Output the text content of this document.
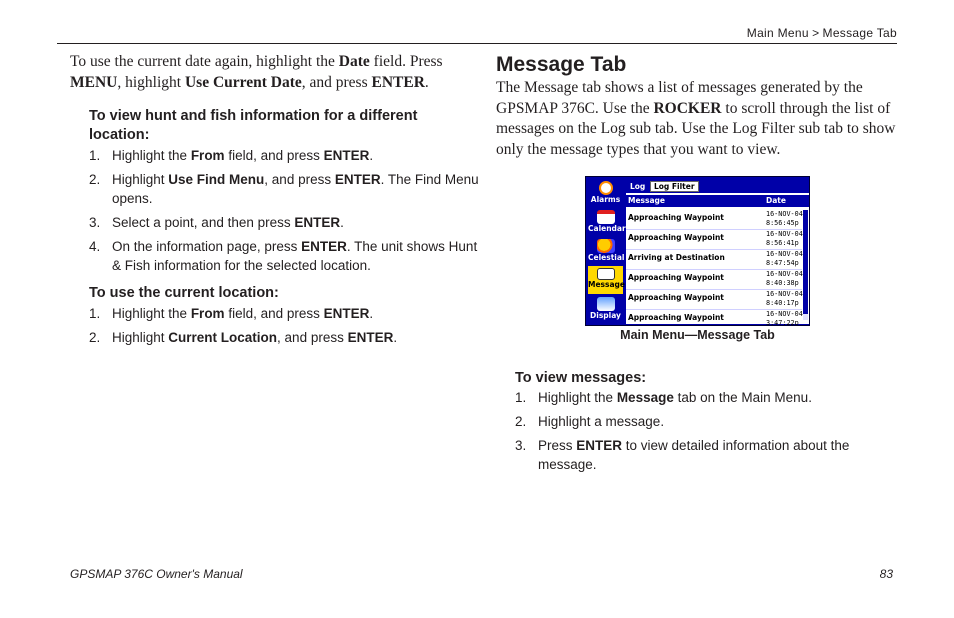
Main Menu > Message Tab

To use the current date again, highlight the Date field. Press MENU, highlight Use Current Date, and press ENTER.

To view hunt and fish information for a different location:

1. Highlight the From field, and press ENTER.
2. Highlight Use Find Menu, and press ENTER. The Find Menu opens.
3. Select a point, and then press ENTER.
4. On the information page, press ENTER. The unit shows Hunt & Fish information for the selected location.

To use the current location:

1. Highlight the From field, and press ENTER.
2. Highlight Current Location, and press ENTER.
Message Tab

The Message tab shows a list of messages generated by the GPSMAP 376C. Use the ROCKER to scroll through the list of messages on the Log sub tab. Use the Log Filter sub tab to show only the message types that you want to view.

Alarms
Calendar
Celestial
Message
Display
Log	Log Filter
Message	Date
Approaching Waypoint	16-NOV-04
8:56:45p
Approaching Waypoint	16-NOV-04
8:56:41p
Arriving at Destination	16-NOV-04
8:47:54p
Approaching Waypoint	16-NOV-04
8:40:38p
Approaching Waypoint	16-NOV-04
8:40:17p
Approaching Waypoint	16-NOV-04
3:47:22p
Main Menu—Message Tab

To view messages:

1. Highlight the Message tab on the Main Menu.
2. Highlight a message.
3. Press ENTER to view detailed information about the message.
GPSMAP 376C Owner's Manual	83
